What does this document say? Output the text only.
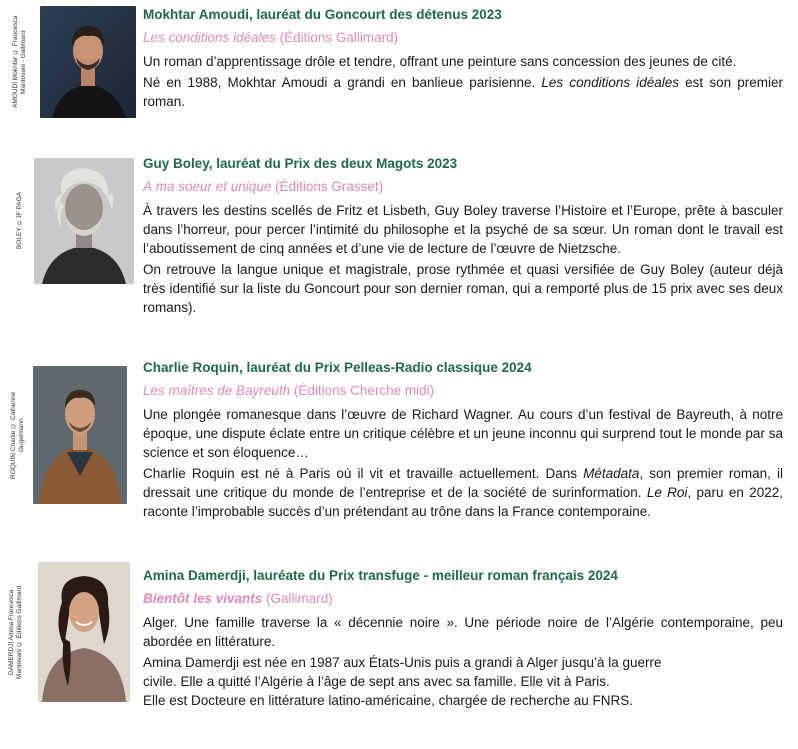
AMOUDI Mokhtar © Francesca Mantovani - Gallimard
Mokhtar Amoudi, lauréat du Goncourt des détenus 2023
Les conditions idéales (Éditions Gallimard)
Un roman d’apprentissage drôle et tendre, offrant une peinture sans concession des jeunes de cité.
Né en 1988, Mokhtar Amoudi a grandi en banlieue parisienne. Les conditions idéales est son premier roman.
BOLEY ©JF PAGA
Guy Boley, lauréat du Prix des deux Magots 2023
À ma soeur et unique (Éditions Grasset)
À travers les destins scellés de Fritz et Lisbeth, Guy Boley traverse l’Histoire et l’Europe, prête à basculer dans l’horreur, pour percer l’intimité du philosophe et la psyché de sa sœur. Un roman dont le travail est l’aboutissement de cinq années et d’une vie de lecture de l’œuvre de Nietzsche.
On retrouve la langue unique et magistrale, prose rythmée et quasi versifiée de Guy Boley (auteur déjà très identifié sur la liste du Goncourt pour son dernier roman, qui a remporté plus de 15 prix avec ses deux romans).
ROQUIN Charlie © Catherine Gugelmann
Charlie Roquin, lauréat du Prix Pelleas-Radio classique 2024
Les maîtres de Bayreuth (Éditions Cherche midi)
Une plongée romanesque dans l’œuvre de Richard Wagner. Au cours d’un festival de Bayreuth, à notre époque, une dispute éclate entre un critique célèbre et un jeune inconnu qui surprend tout le monde par sa science et son éloquence…
Charlie Roquin est né à Paris où il vit et travaille actuellement. Dans Métadata, son premier roman, il dressait une critique du monde de l’entreprise et de la société de surinformation. Le Roi, paru en 2022, raconte l’improbable succès d’un prétendant au trône dans la France contemporaine.
DAMERDJI Amina Francesca Mantovani © Éditions Gallimard
Amina Damerdji, lauréate du Prix transfuge - meilleur roman français 2024
Bientôt les vivants (Gallimard)
Alger. Une famille traverse la « décennie noire ». Une période noire de l’Algérie contemporaine, peu abordée en littérature.
Amina Damerdji est née en 1987 aux États-Unis puis a grandi à Alger jusqu’à la guerre
civile. Elle a quitté l’Algérie à l’âge de sept ans avec sa famille. Elle vit à Paris.
Elle est Docteure en littérature latino-américaine, chargée de recherche au FNRS.
